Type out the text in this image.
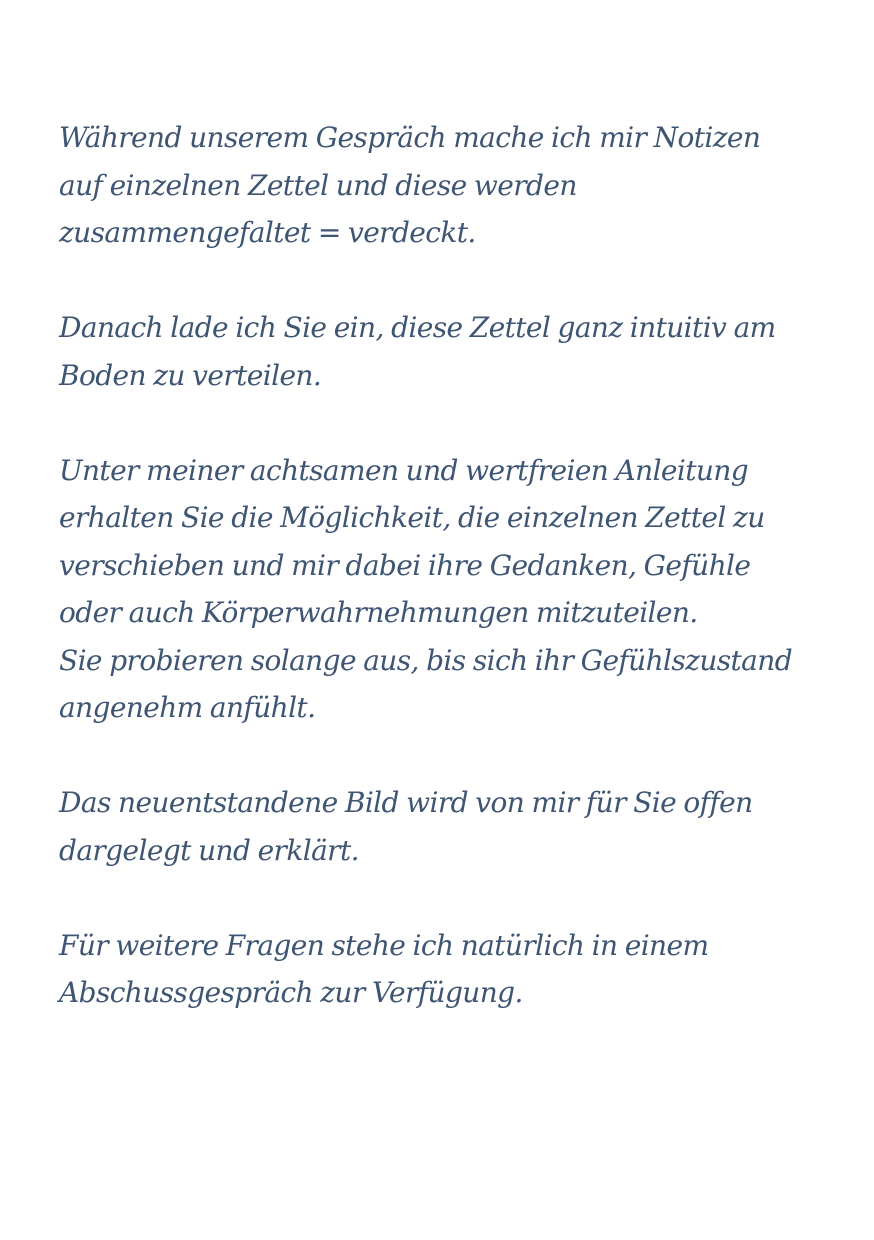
Während unserem Gespräch mache ich mir Notizen
auf einzelnen Zettel und diese werden
zusammengefaltet = verdeckt.

Danach lade ich Sie ein, diese Zettel ganz intuitiv am
Boden zu verteilen.

Unter meiner achtsamen und wertfreien Anleitung
erhalten Sie die Möglichkeit, die einzelnen Zettel zu
verschieben und mir dabei ihre Gedanken, Gefühle
oder auch Körperwahrnehmungen mitzuteilen.
Sie probieren solange aus, bis sich ihr Gefühlszustand
angenehm anfühlt.

Das neuentstandene Bild wird von mir für Sie offen
dargelegt und erklärt.

Für weitere Fragen stehe ich natürlich in einem
Abschussgespräch zur Verfügung.
